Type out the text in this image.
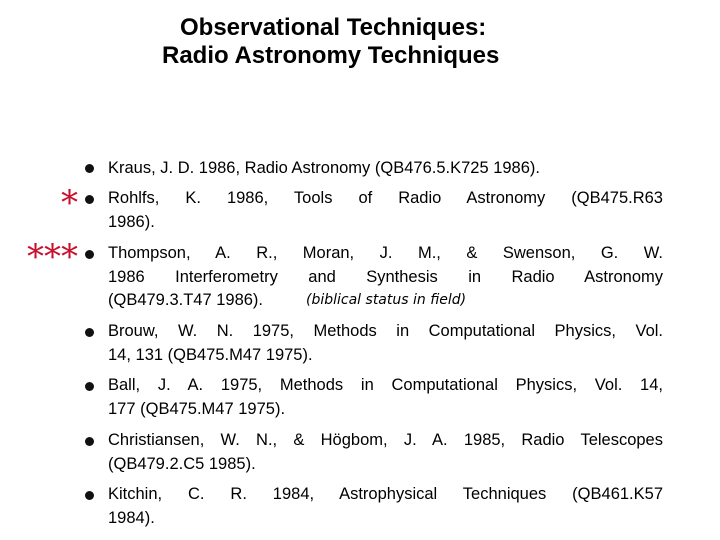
Observational Techniques:
Radio Astronomy Techniques
*
***
Kraus, J. D. 1986, Radio Astronomy (QB476.5.K725 1986).
Rohlfs, K. 1986, Tools of Radio Astronomy (QB475.R63
1986).
Thompson, A. R., Moran, J. M., & Swenson, G. W.
1986 Interferometry and Synthesis in Radio Astronomy
(QB479.3.T47 1986).	(biblical status in field)
Brouw, W. N. 1975, Methods in Computational Physics, Vol.
14, 131 (QB475.M47 1975).
Ball, J. A. 1975, Methods in Computational Physics, Vol. 14,
177 (QB475.M47 1975).
Christiansen, W. N., & Högbom, J. A. 1985, Radio Telescopes
(QB479.2.C5 1985).
Kitchin, C. R. 1984, Astrophysical Techniques (QB461.K57
1984).
